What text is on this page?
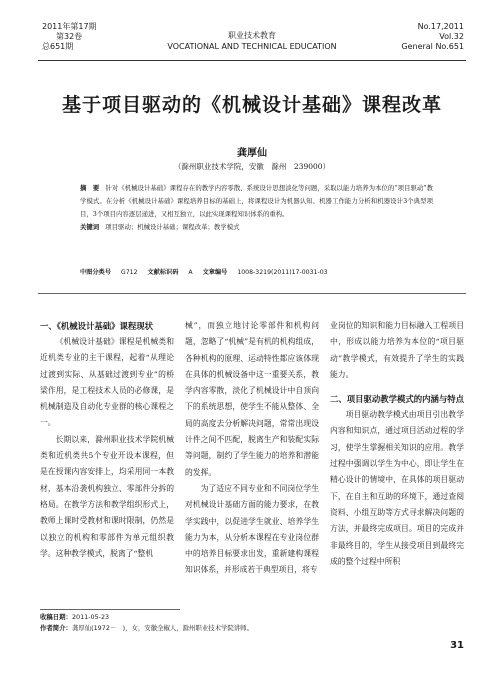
2011年第17期
第32卷
总651期
职业技术教育
VOCATIONAL AND TECHNICAL EDUCATION
No.17,2011
Vol.32
General No.651
基于项目驱动的《机械设计基础》课程改革
龚厚仙
（滁州职业技术学院，安徽　滁州　239000）

摘　要 针对《机械设计基础》课程存在的教学内容零散、系统设计思想淡化等问题，采取以能力培养为本位的“项目驱动”教学模式。在分析《机械设计基础》课程培养目标的基础上，将课程设计为机器认知、机器工作能力分析和机器设计3个典型项目，3个项目内容逐层递进，又相互独立，以此实现课程知识体系的重构。

关键词 项目驱动；机械设计基础；课程改革；教学模式

中图分类号 G712 文献标识码 A 文章编号 1008-3219(2011)17-0031-03

一、《机械设计基础》课程现状

《机械设计基础》课程是机械类和近机类专业的主干课程，起着“从理论过渡到实际、从基础过渡到专业”的桥梁作用，是工程技术人员的必修课，是机械制造及自动化专业群的核心课程之一。

长期以来，滁州职业技术学院机械类和近机类共5个专业开设本课程，但是在授课内容安排上，均采用同一本教材，基本沿袭机构独立、零部件分拆的格局。在教学方法和教学组织形式上，教师上课时受教材和课时限制，仍然是以独立的机构和零部件为单元组织教学。这种教学模式，脱离了“整机

械”，而独立地讨论零部件和机构问题，忽略了“机械”是有机的机构组成，各种机构的原理、运动特性都应该体现在具体的机械设备中这一重要关系，教学内容零散，淡化了机械设计中自顶向下的系统思想，使学生不能从整体、全局的高度去分析解决问题，常常出现设计件之间不匹配，脱离生产和装配实际等问题，制约了学生能力的培养和潜能的发挥。

为了适应不同专业和不同岗位学生对机械设计基础方面的能力要求，在教学实践中，以促进学生就业、培养学生能力为本，从分析本课程在专业岗位群中的培养目标要求出发，重新建构课程知识体系，并形成若干典型项目，将专

业岗位的知识和能力目标融入工程项目中，形成以能力培养为本位的“项目驱动”教学模式，有效提升了学生的实践能力。

二、项目驱动教学模式的内涵与特点

项目驱动教学模式由项目引出教学内容和知识点，通过项目活动过程的学习，使学生掌握相关知识的应用。教学过程中强调以学生为中心，即让学生在精心设计的情境中，在具体的项目驱动下，在自主和互助的环境下，通过查阅资料、小组互助等方式寻求解决问题的方法，并最终完成项目。项目的完成并非最终目的，学生从接受项目到最终完成的整个过程中所积

收稿日期：2011-05-23
作者简介：龚厚仙(1972－　)，女，安徽全椒人，滁州职业技术学院讲师。
31
